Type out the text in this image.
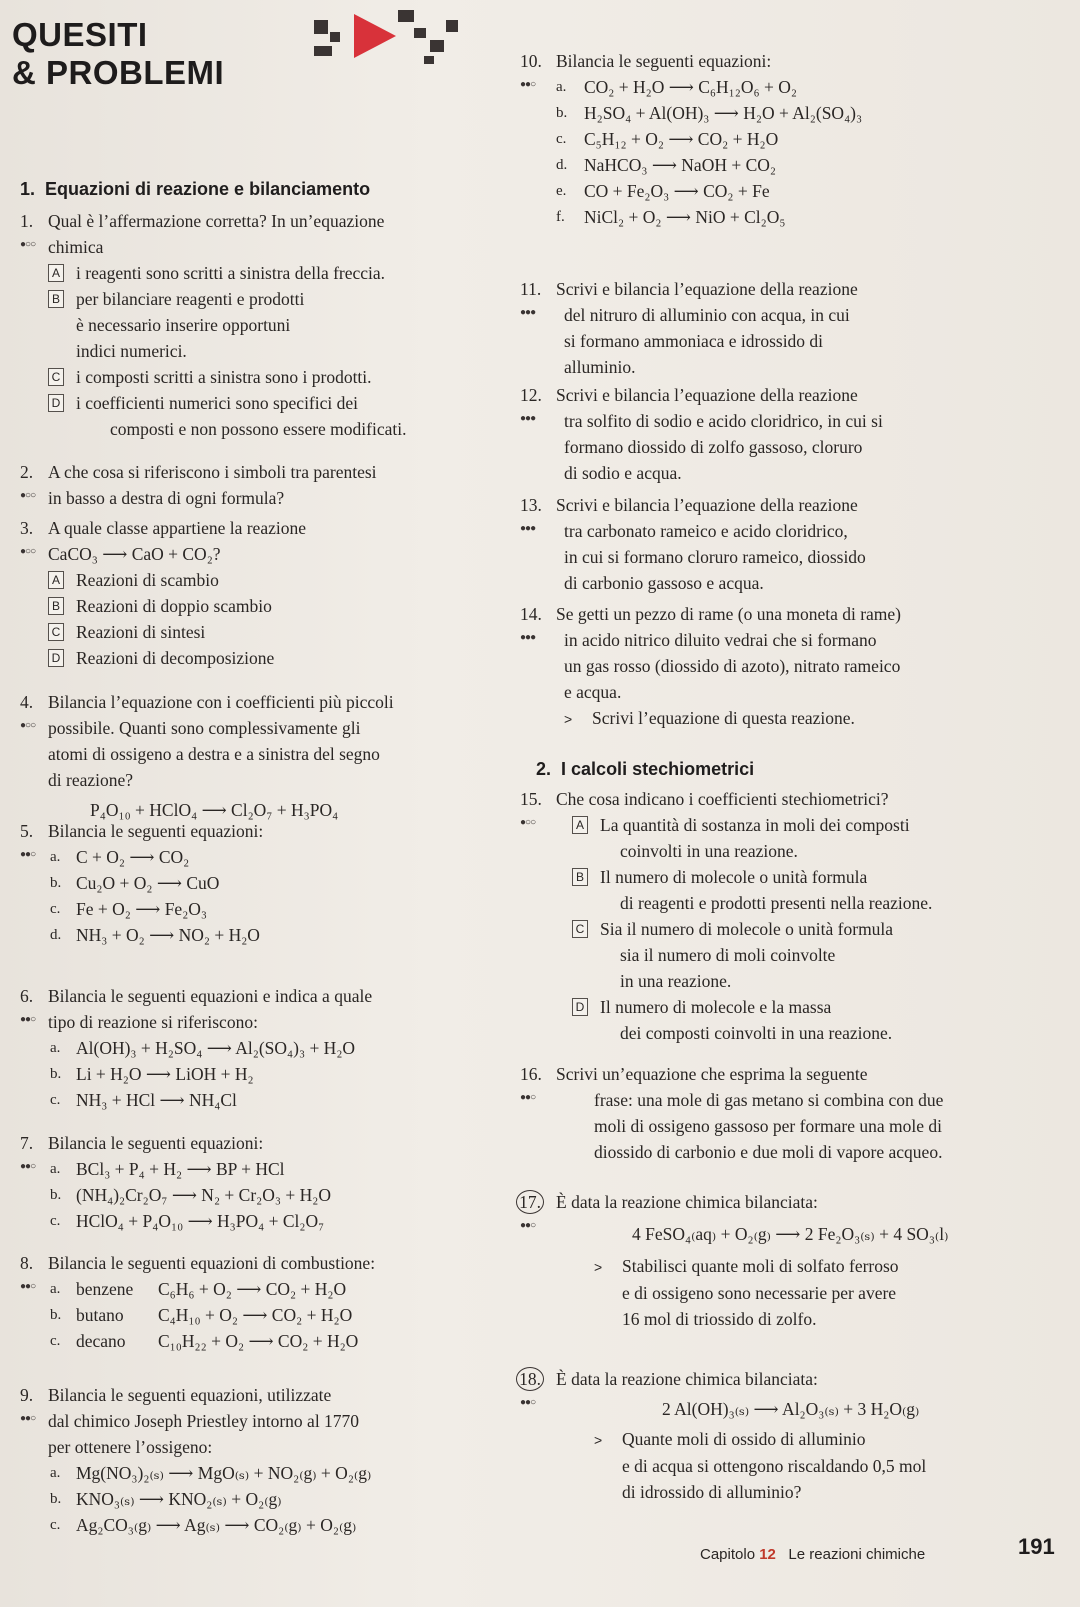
QUESITI
& PROBLEMI
1. Equazioni di reazione e bilanciamento
●○○

1. Qual è l’affermazione corretta? In un’equazione

chimica

A i reagenti sono scritti a sinistra della freccia.

B per bilanciare reagenti e prodotti

è necessario inserire opportuni

indici numerici.

C i composti scritti a sinistra sono i prodotti.

D i coefficienti numerici sono specifici dei

composti e non possono essere modificati.

●○○

2. A che cosa si riferiscono i simboli tra parentesi

in basso a destra di ogni formula?

●○○

3. A quale classe appartiene la reazione

CaCO₃ ⟶ CaO + CO₂?

A Reazioni di scambio

B Reazioni di doppio scambio

C Reazioni di sintesi

D Reazioni di decomposizione

●○○

4. Bilancia l’equazione con i coefficienti più piccoli

possibile. Quanti sono complessivamente gli

atomi di ossigeno a destra e a sinistra del segno

di reazione?

P₄O₁₀ + HClO₄ ⟶ Cl₂O₇ + H₃PO₄

●●○

5. Bilancia le seguenti equazioni:

a. C + O₂ ⟶ CO₂

b. Cu₂O + O₂ ⟶ CuO

c. Fe + O₂ ⟶ Fe₂O₃

d. NH₃ + O₂ ⟶ NO₂ + H₂O

●●○

6. Bilancia le seguenti equazioni e indica a quale

tipo di reazione si riferiscono:

a. Al(OH)₃ + H₂SO₄ ⟶ Al₂(SO₄)₃ + H₂O

b. Li + H₂O ⟶ LiOH + H₂

c. NH₃ + HCl ⟶ NH₄Cl

●●○

7. Bilancia le seguenti equazioni:

a. BCl₃ + P₄ + H₂ ⟶ BP + HCl

b. (NH₄)₂Cr₂O₇ ⟶ N₂ + Cr₂O₃ + H₂O

c. HClO₄ + P₄O₁₀ ⟶ H₃PO₄ + Cl₂O₇

●●○

8. Bilancia le seguenti equazioni di combustione:

a. benzene C₆H₆ + O₂ ⟶ CO₂ + H₂O

b. butano C₄H₁₀ + O₂ ⟶ CO₂ + H₂O

c. decano C₁₀H₂₂ + O₂ ⟶ CO₂ + H₂O

●●○

9. Bilancia le seguenti equazioni, utilizzate

dal chimico Joseph Priestley intorno al 1770

per ottenere l’ossigeno:

a. Mg(NO₃)₂₍ₛ₎ ⟶ MgO₍ₛ₎ + NO₂₍g₎ + O₂₍g₎

b. KNO₃₍ₛ₎ ⟶ KNO₂₍ₛ₎ + O₂₍g₎

c. Ag₂CO₃₍g₎ ⟶ Ag₍ₛ₎ ⟶ CO₂₍g₎ + O₂₍g₎

●●○

10. Bilancia le seguenti equazioni:

a. CO₂ + H₂O ⟶ C₆H₁₂O₆ + O₂

b. H₂SO₄ + Al(OH)₃ ⟶ H₂O + Al₂(SO₄)₃

c. C₅H₁₂ + O₂ ⟶ CO₂ + H₂O

d. NaHCO₃ ⟶ NaOH + CO₂

e. CO + Fe₂O₃ ⟶ CO₂ + Fe

f. NiCl₂ + O₂ ⟶ NiO + Cl₂O₅

●●●

11. Scrivi e bilancia l’equazione della reazione

del nitruro di alluminio con acqua, in cui

si formano ammoniaca e idrossido di

alluminio.

●●●

12. Scrivi e bilancia l’equazione della reazione

tra solfito di sodio e acido cloridrico, in cui si

formano diossido di zolfo gassoso, cloruro

di sodio e acqua.

●●●

13. Scrivi e bilancia l’equazione della reazione

tra carbonato rameico e acido cloridrico,

in cui si formano cloruro rameico, diossido

di carbonio gassoso e acqua.

●●●

14. Se getti un pezzo di rame (o una moneta di rame)

in acido nitrico diluito vedrai che si formano

un gas rosso (diossido di azoto), nitrato rameico

e acqua.

> Scrivi l’equazione di questa reazione.

2. I calcoli stechiometrici
●○○

15. Che cosa indicano i coefficienti stechiometrici?

A La quantità di sostanza in moli dei composti

coinvolti in una reazione.

B Il numero di molecole o unità formula

di reagenti e prodotti presenti nella reazione.

C Sia il numero di molecole o unità formula

sia il numero di moli coinvolte

in una reazione.

D Il numero di molecole e la massa

dei composti coinvolti in una reazione.

●●○

16. Scrivi un’equazione che esprima la seguente

frase: una mole di gas metano si combina con due

moli di ossigeno gassoso per formare una mole di

diossido di carbonio e due moli di vapore acqueo.

●●○

17. È data la reazione chimica bilanciata:

4 FeSO₄₍aq₎ + O₂₍g₎ ⟶ 2 Fe₂O₃₍ₛ₎ + 4 SO₃₍l₎

> Stabilisci quante moli di solfato ferroso

e di ossigeno sono necessarie per avere

16 mol di triossido di zolfo.

●●○

18. È data la reazione chimica bilanciata:

2 Al(OH)₃₍ₛ₎ ⟶ Al₂O₃₍ₛ₎ + 3 H₂O₍g₎

> Quante moli di ossido di alluminio

e di acqua si ottengono riscaldando 0,5 mol

di idrossido di alluminio?

Capitolo 12 Le reazioni chimiche	191
